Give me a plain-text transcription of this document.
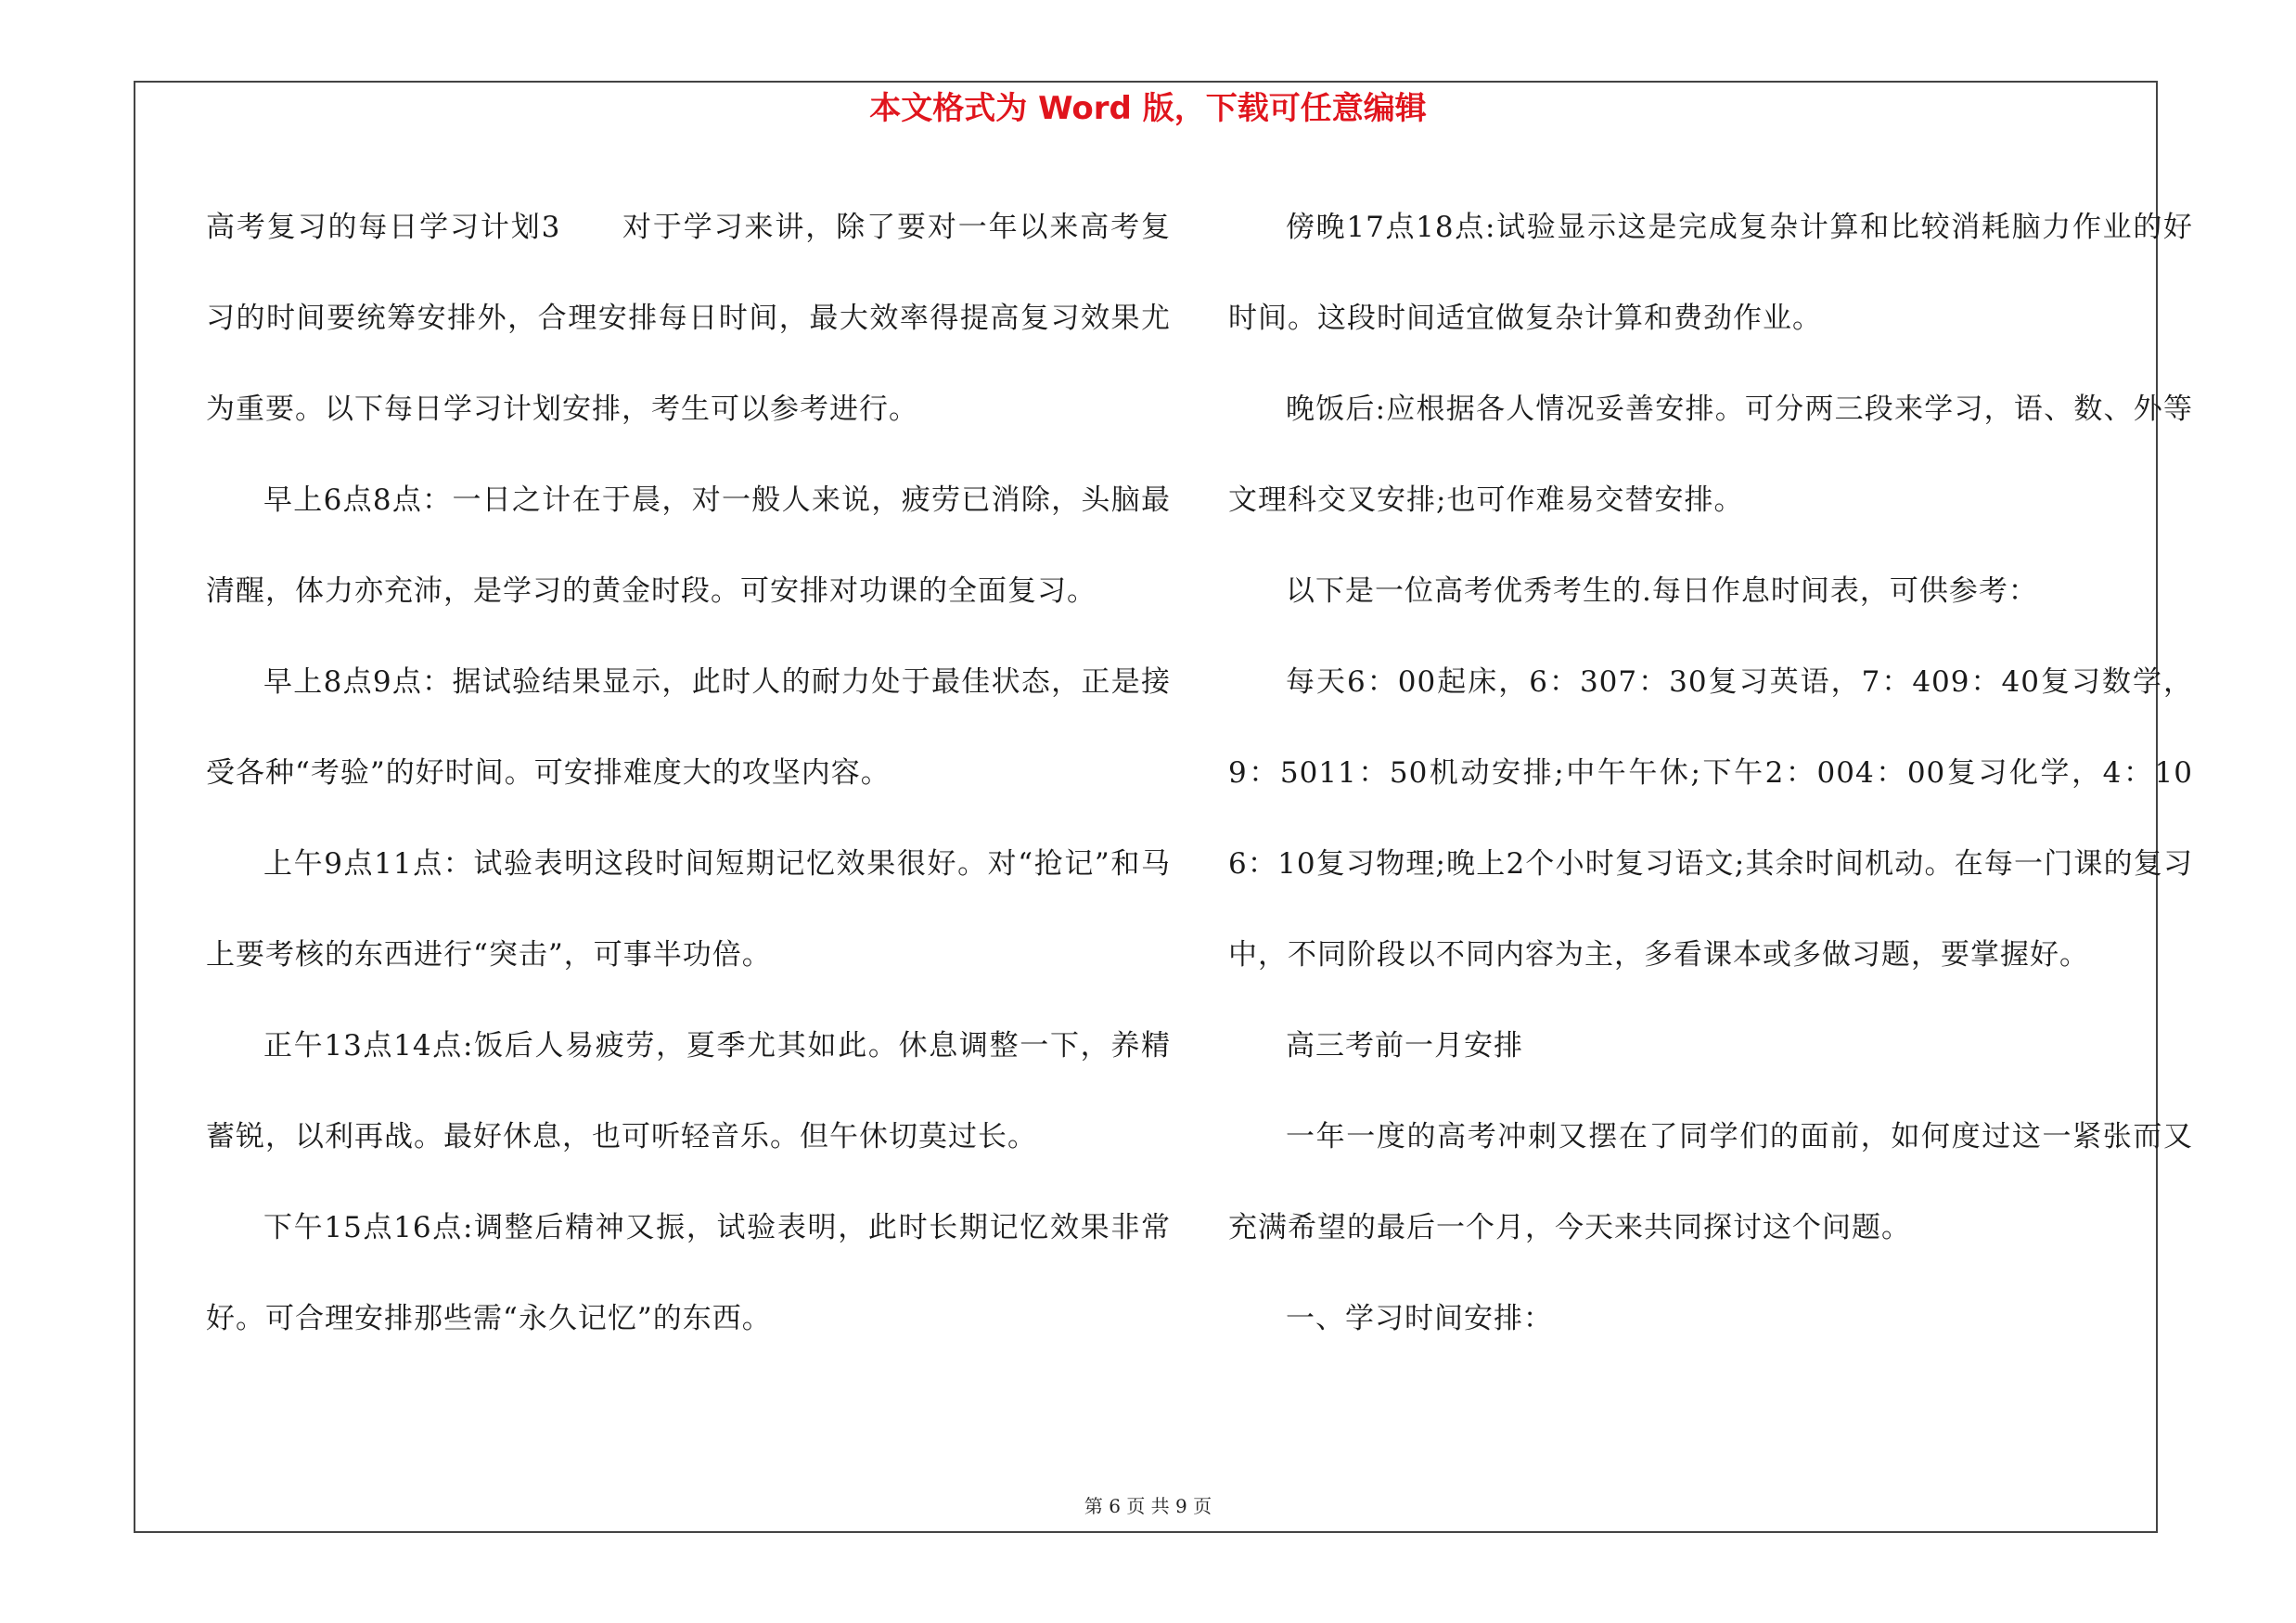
本文格式为 Word 版，下载可任意编辑

高考复习的每日学习计划3　　对于学习来讲，除了要对一年以来高考复习的时间要统筹安排外，合理安排每日时间，最大效率得提高复习效果尤为重要。以下每日学习计划安排，考生可以参考进行。

早上6点8点：一日之计在于晨，对一般人来说，疲劳已消除，头脑最清醒，体力亦充沛，是学习的黄金时段。可安排对功课的全面复习。

早上8点9点：据试验结果显示，此时人的耐力处于最佳状态，正是接受各种“考验”的好时间。可安排难度大的攻坚内容。

上午9点11点：试验表明这段时间短期记忆效果很好。对“抢记”和马上要考核的东西进行“突击”，可事半功倍。

正午13点14点:饭后人易疲劳，夏季尤其如此。休息调整一下，养精蓄锐，以利再战。最好休息，也可听轻音乐。但午休切莫过长。

下午15点16点:调整后精神又振，试验表明，此时长期记忆效果非常好。可合理安排那些需“永久记忆”的东西。

傍晚17点18点:试验显示这是完成复杂计算和比较消耗脑力作业的好时间。这段时间适宜做复杂计算和费劲作业。

晚饭后:应根据各人情况妥善安排。可分两三段来学习，语、数、外等文理科交叉安排;也可作难易交替安排。

以下是一位高考优秀考生的.每日作息时间表，可供参考：

每天6：00起床，6：307：30复习英语，7：409：40复习数学，9：5011：50机动安排;中午午休;下午2：004：00复习化学，4：106：10复习物理;晚上2个小时复习语文;其余时间机动。在每一门课的复习中，不同阶段以不同内容为主，多看课本或多做习题，要掌握好。

高三考前一月安排

一年一度的高考冲刺又摆在了同学们的面前，如何度过这一紧张而又充满希望的最后一个月，今天来共同探讨这个问题。

一、学习时间安排：

第 6 页 共 9 页
